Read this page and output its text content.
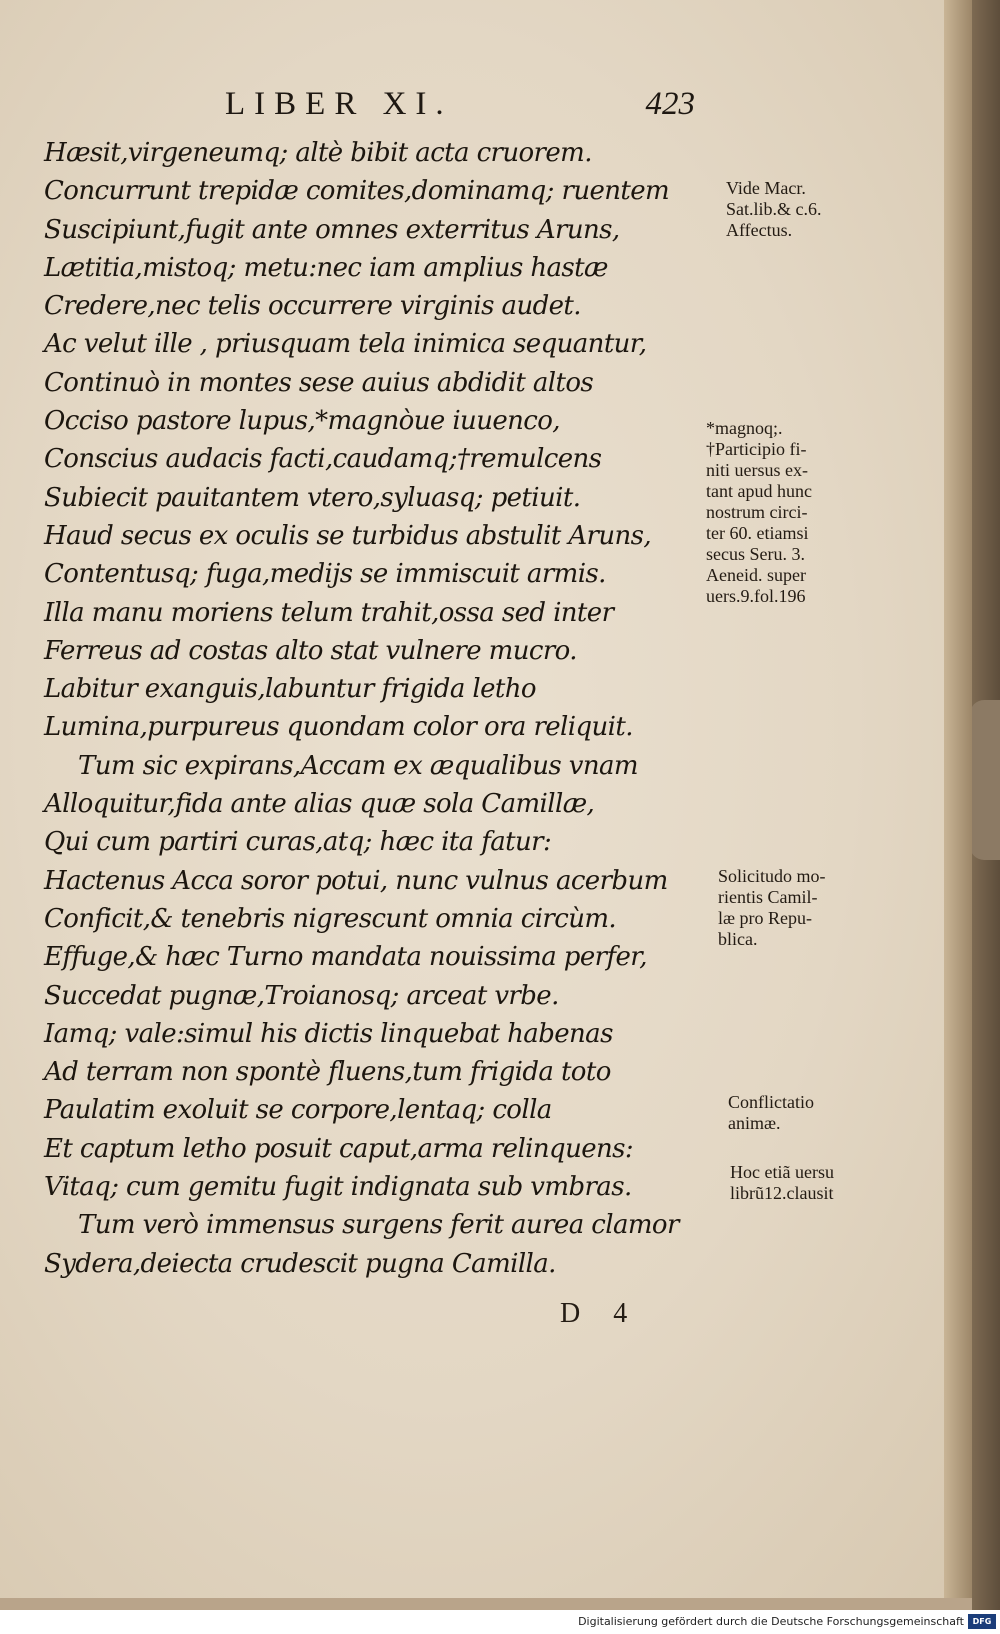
LIBER XI.	423
Hæsit,virgeneumq; altè bibit acta cruorem.
Concurrunt trepidæ comites,dominamq; ruentem
Suscipiunt,fugit ante omnes exterritus Aruns,
Lætitia,mistoq; metu:nec iam amplius hastæ
Credere,nec telis occurrere virginis audet.
Ac velut ille , priusquam tela inimica sequantur,
Continuò in montes sese auius abdidit altos
Occiso pastore lupus,*magnòue iuuenco,
Conscius audacis facti,caudamq;†remulcens
Subiecit pauitantem vtero,syluasq; petiuit.
Haud secus ex oculis se turbidus abstulit Aruns,
Contentusq; fuga,medijs se immiscuit armis.
Illa manu moriens telum trahit,ossa sed inter
Ferreus ad costas alto stat vulnere mucro.
Labitur exanguis,labuntur frigida letho
Lumina,purpureus quondam color ora reliquit.
Tum sic expirans,Accam ex æqualibus vnam
Alloquitur,fida ante alias quæ sola Camillæ,
Qui cum partiri curas,atq; hæc ita fatur:
Hactenus Acca soror potui, nunc vulnus acerbum
Conficit,& tenebris nigrescunt omnia circùm.
Effuge,& hæc Turno mandata nouissima perfer,
Succedat pugnæ,Troianosq; arceat vrbe.
Iamq; vale:simul his dictis linquebat habenas
Ad terram non spontè fluens,tum frigida toto
Paulatim exoluit se corpore,lentaq; colla
Et captum letho posuit caput,arma relinquens:
Vitaq; cum gemitu fugit indignata sub vmbras.
Tum verò immensus surgens ferit aurea clamor
Sydera,deiecta crudescit pugna Camilla.
D 4
Vide Macr.
Sat.lib.& c.6.
Affectus.
*magnoq;.
†Participio fi-
niti uersus ex-
tant apud hunc
nostrum circi-
ter 60. etiamsi
secus Seru. 3.
Aeneid. super
uers.9.fol.196
Solicitudo mo-
rientis Camil-
læ pro Repu-
blica.
Conflictatio
animæ.
Hoc etiã uersu
librũ12.clausit
Digitalisierung gefördert durch die Deutsche Forschungsgemeinschaft	DFG
